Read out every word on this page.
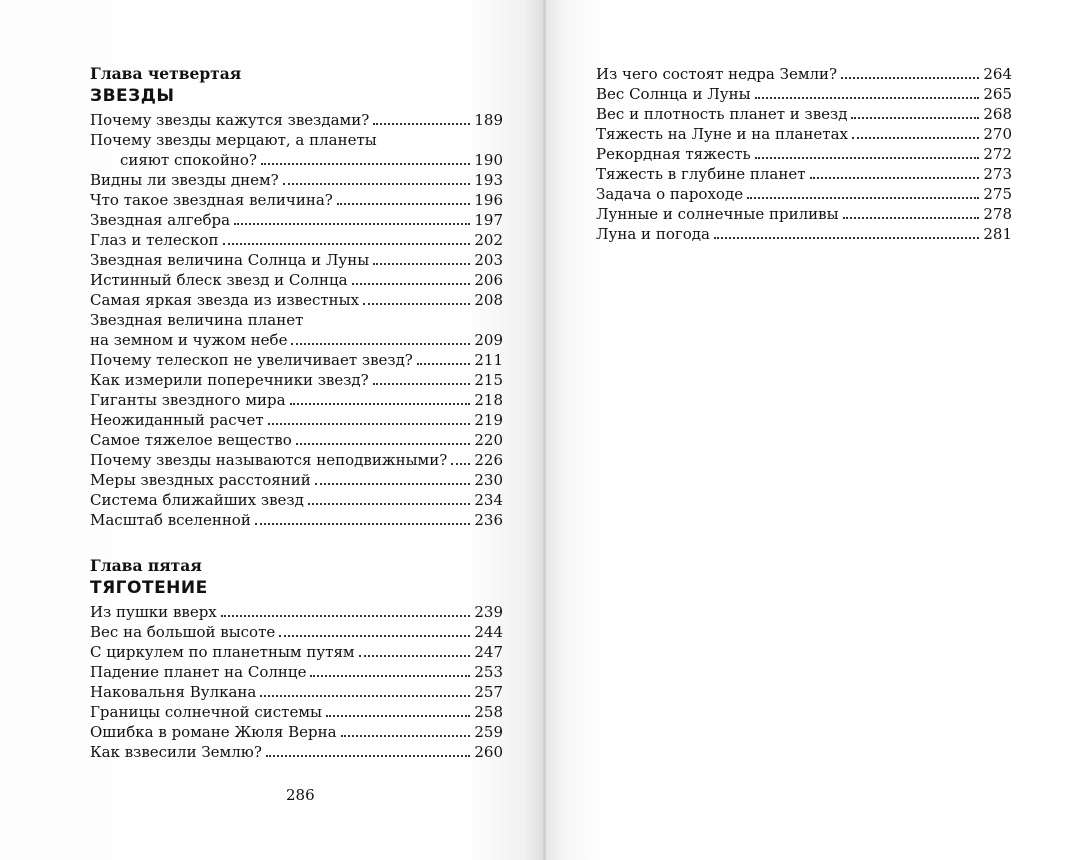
Глава четвертая
ЗВЕЗДЫ
Почему звезды кажутся звездами?	189
Почему звезды мерцают, а планеты
сияют спокойно?	190
Видны ли звезды днем?	193
Что такое звездная величина?	196
Звездная алгебра	197
Глаз и телескоп	202
Звездная величина Солнца и Луны	203
Истинный блеск звезд и Солнца	206
Самая яркая звезда из известных	208
Звездная величина планет
на земном и чужом небе	209
Почему телескоп не увеличивает звезд?	211
Как измерили поперечники звезд?	215
Гиганты звездного мира	218
Неожиданный расчет	219
Самое тяжелое вещество	220
Почему звезды называются неподвижными? 226
Меры звездных расстояний	230
Система ближайших звезд	234
Масштаб вселенной	236
Глава пятая
ТЯГОТЕНИЕ
Из пушки вверх	239
Вес на большой высоте	244
С циркулем по планетным путям	247
Падение планет на Солнце	253
Наковальня Вулкана	257
Границы солнечной системы	258
Ошибка в романе Жюля Верна	259
Как взвесили Землю?	260
Из чего состоят недра Земли?	264
Вес Солнца и Луны	265
Вес и плотность планет и звезд	268
Тяжесть на Луне и на планетах	270
Рекордная тяжесть	272
Тяжесть в глубине планет	273
Задача о пароходе	275
Лунные и солнечные приливы	278
Луна и погода	281
286
